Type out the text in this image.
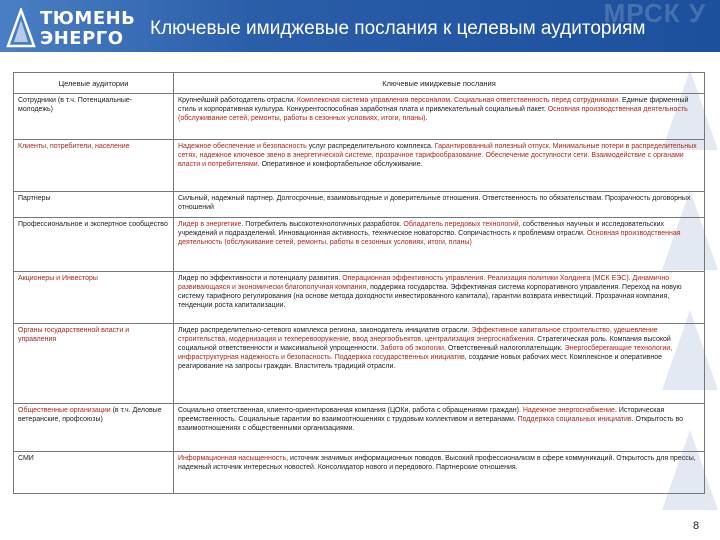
МРСК У
ТЮМЕНЬ
ЭНЕРГО Ключевые имиджевые послания к целевым аудиториям
Целевые аудитории	Ключевые имиджевые послания
Сотрудники (в т.ч. Потенциальные- молодежь)	Крупнейший работодатель отрасли. Комплексная система управления персоналом. Социальная ответственность перед сотрудниками. Единые фирменный стиль и корпоративная культура. Конкурентоспособная заработная плата и привлекательный социальный пакет. Основная производственная деятельность (обслуживание сетей, ремонты, работы в сезонных условиях, итоги, планы).
Клиенты, потребители, население	Надежное обеспечение и безопасность услуг распределительного комплекса. Гарантированный полезный отпуск. Минимальные потери в распределительных сетях, надежное ключевое звено в энергетической системе, прозрачное тарифообразование. Обеспечение доступности сети. Взаимодействие с органами власти и потребителями. Оперативное и комфортабельное обслуживание.
Партнеры	Сильный, надежный партнер. Долгосрочные, взаимовыгодные и доверительные отношения. Ответственность по обязательствам. Прозрачность договорных отношений
Профессиональное и экспертное сообщество	Лидер в энергетике. Потребитель высокотехнологичных разработок. Обладатель передовых технологий, собственных научных и исследовательских учреждений и подразделений. Инновационная активность, техническое новаторство. Сопричастность к проблемам отрасли. Основная производственная деятельность (обслуживание сетей, ремонты, работы в сезонных условиях, итоги, планы)
Акционеры и Инвесторы	Лидер по эффективности и потенциалу развития. Операционная эффективность управления. Реализация политики Холдинга (МСК ЕЭС). Динамично развивающаяся и экономически благополучная компания, поддержка государства. Эффективная система корпоративного управления. Переход на новую систему тарифного регулирования (на основе метода доходности инвестированного капитала), гарантии возврата инвестиций. Прозрачная компания, тенденции роста капитализации.
Органы государственной власти и управления	Лидер распределительно-сетевого комплекса региона, законодатель инициатив отрасли. Эффективное капитальное строительство, удешевление строительства, модернизация и техперевооружение, ввод энергообъектов, централизация энергоснабжения. Стратегическая роль. Компания высокой социальной ответственности и максимальной упрощенности. Забота об экологии. Ответственный налогоплательщик. Энергосберегающие технологии, инфраструктурная надежность и безопасность. Поддержка государственных инициатив, создание новых рабочих мест. Комплексное и оперативное реагирование на запросы граждан. Властитель традиций отрасли.
Общественные организации (в т.ч. Деловые ветеранские, профсоюзы)	Социально ответственная, клиенто-ориентированная компания (ЦОКи, работа с обращениями граждан). Надежное энергоснабжение. Историческая преемственность. Социальные гарантии во взаимоотношениях с трудовым коллективом и ветеранами. Поддержка социальных инициатив. Открытость во взаимоотношениях с общественными организациями.
СМИ	Информационная насыщенность, источник значимых информационных поводов. Высокий профессионализм в сфере коммуникаций. Открытость для прессы, надежный источник интересных новостей. Консолидатор нового и передового. Партнерские отношения.
8
